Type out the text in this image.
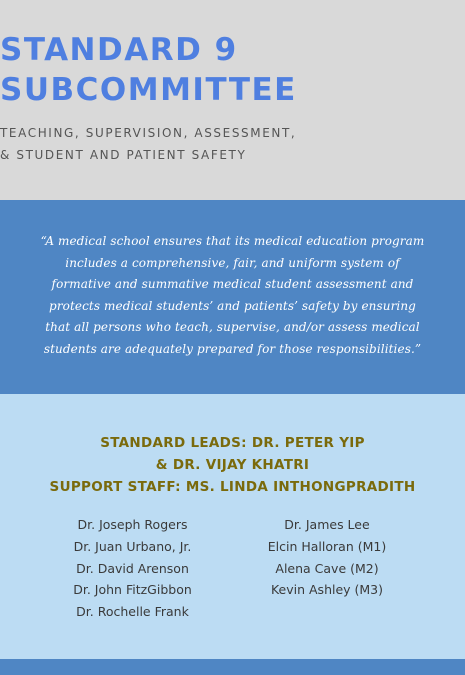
STANDARD 9
SUBCOMMITTEE
TEACHING, SUPERVISION, ASSESSMENT,
& STUDENT AND PATIENT SAFETY
“A medical school ensures that its medical education program
includes a comprehensive, fair, and uniform system of
formative and summative medical student assessment and
protects medical students’ and patients’ safety by ensuring
that all persons who teach, supervise, and/or assess medical
students are adequately prepared for those responsibilities.”
STANDARD LEADS: DR. PETER YIP
& DR. VIJAY KHATRI
SUPPORT STAFF: MS. LINDA INTHONGPRADITH
Dr. Joseph Rogers
Dr. Juan Urbano, Jr.
Dr. David Arenson
Dr. John FitzGibbon
Dr. Rochelle Frank
Dr. James Lee
Elcin Halloran (M1)
Alena Cave (M2)
Kevin Ashley (M3)
